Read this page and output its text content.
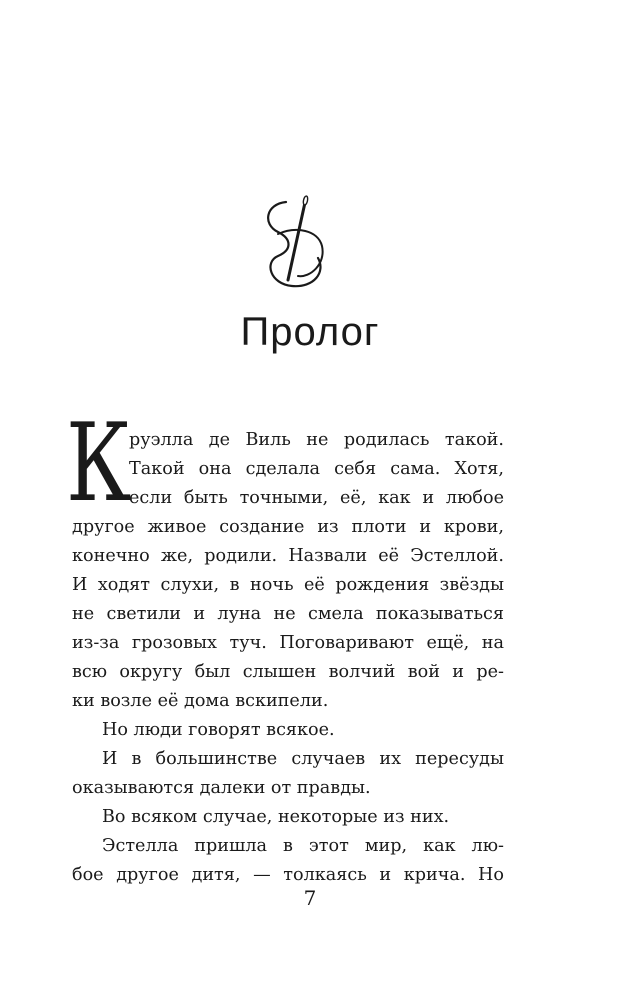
Пролог
К
руэлла де Виль не родилась такой.
Такой она сделала себя сама. Хотя,
если быть точными, её, как и любое
другое живое создание из плоти и крови,
конечно же, родили. Назвали её Эстеллой.
И ходят слухи, в ночь её рождения звёзды
не светили и луна не смела показываться
из-за грозовых туч. Поговаривают ещё, на
всю округу был слышен волчий вой и ре-
ки возле её дома вскипели.
Но люди говорят всякое.
И в большинстве случаев их пересуды
оказываются далеки от правды.
Во всяком случае, некоторые из них.
Эстелла пришла в этот мир, как лю-
бое другое дитя, — толкаясь и крича. Но
7
